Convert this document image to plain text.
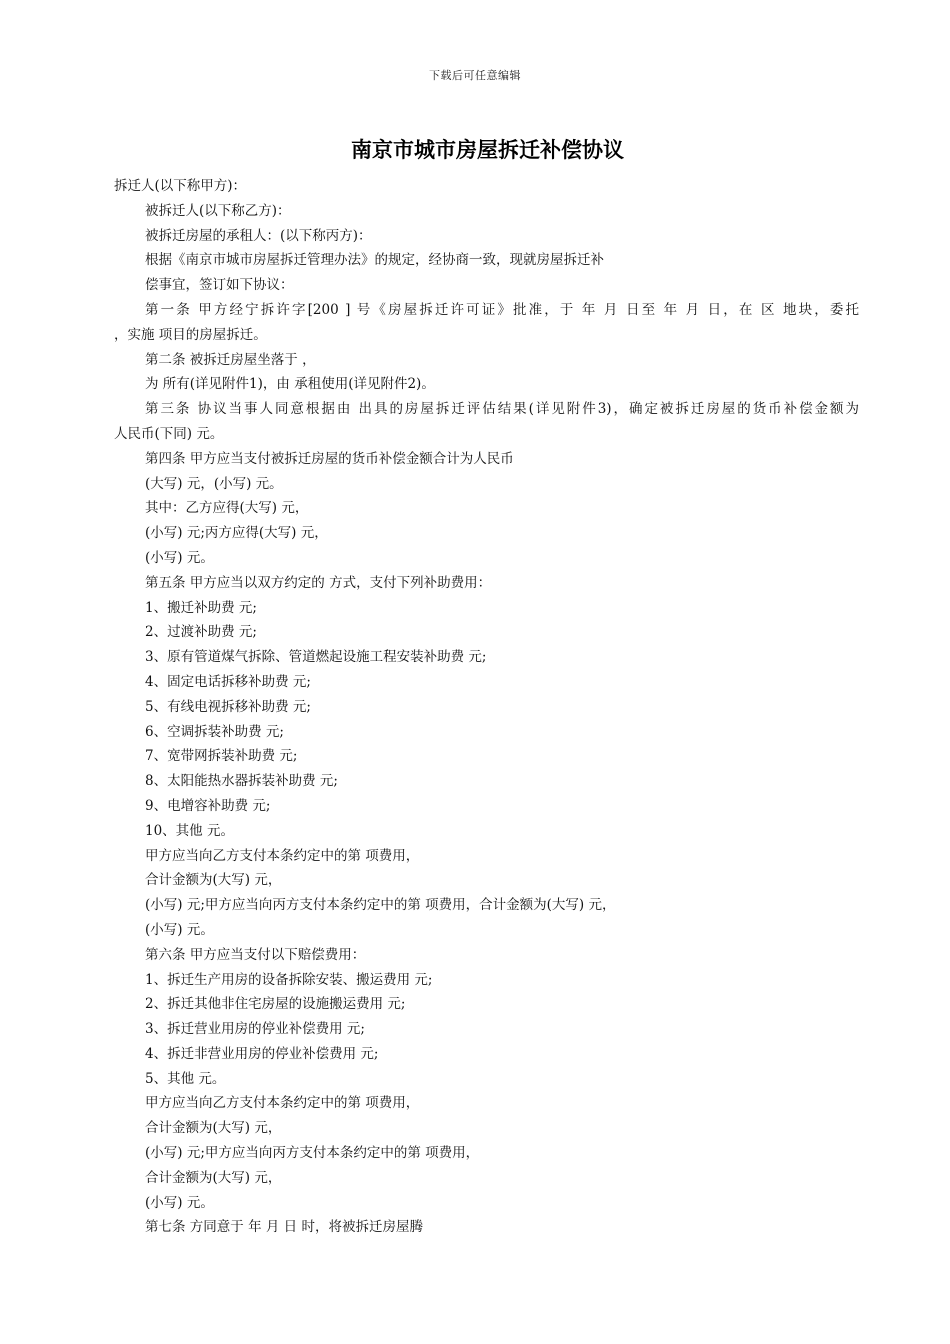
下载后可任意编辑
南京市城市房屋拆迁补偿协议
拆迁人(以下称甲方)：
被拆迁人(以下称乙方)：
被拆迁房屋的承租人：(以下称丙方)：
根据《南京市城市房屋拆迁管理办法》的规定，经协商一致，现就房屋拆迁补
偿事宜，签订如下协议：
第一条 甲方经宁拆许字[200 ] 号《房屋拆迁许可证》批准，于 年 月 日至 年 月 日，在 区 地块，委托
，实施 项目的房屋拆迁。
第二条 被拆迁房屋坐落于 ，
为 所有(详见附件1)，由 承租使用(详见附件2)。
第三条 协议当事人同意根据由 出具的房屋拆迁评估结果(详见附件3)，确定被拆迁房屋的货币补偿金额为
人民币(下同) 元。
第四条 甲方应当支付被拆迁房屋的货币补偿金额合计为人民币
(大写) 元，(小写) 元。
其中：乙方应得(大写) 元，
(小写) 元;丙方应得(大写) 元，
(小写) 元。
第五条 甲方应当以双方约定的 方式，支付下列补助费用：
1、搬迁补助费 元;
2、过渡补助费 元;
3、原有管道煤气拆除、管道燃起设施工程安装补助费 元;
4、固定电话拆移补助费 元;
5、有线电视拆移补助费 元;
6、空调拆装补助费 元;
7、宽带网拆装补助费 元;
8、太阳能热水器拆装补助费 元;
9、电增容补助费 元;
10、其他 元。
甲方应当向乙方支付本条约定中的第 项费用，
合计金额为(大写) 元，
(小写) 元;甲方应当向丙方支付本条约定中的第 项费用，合计金额为(大写) 元，
(小写) 元。
第六条 甲方应当支付以下赔偿费用：
1、拆迁生产用房的设备拆除安装、搬运费用 元;
2、拆迁其他非住宅房屋的设施搬运费用 元;
3、拆迁营业用房的停业补偿费用 元;
4、拆迁非营业用房的停业补偿费用 元;
5、其他 元。
甲方应当向乙方支付本条约定中的第 项费用，
合计金额为(大写) 元，
(小写) 元;甲方应当向丙方支付本条约定中的第 项费用，
合计金额为(大写) 元，
(小写) 元。
第七条 方同意于 年 月 日 时，将被拆迁房屋腾
